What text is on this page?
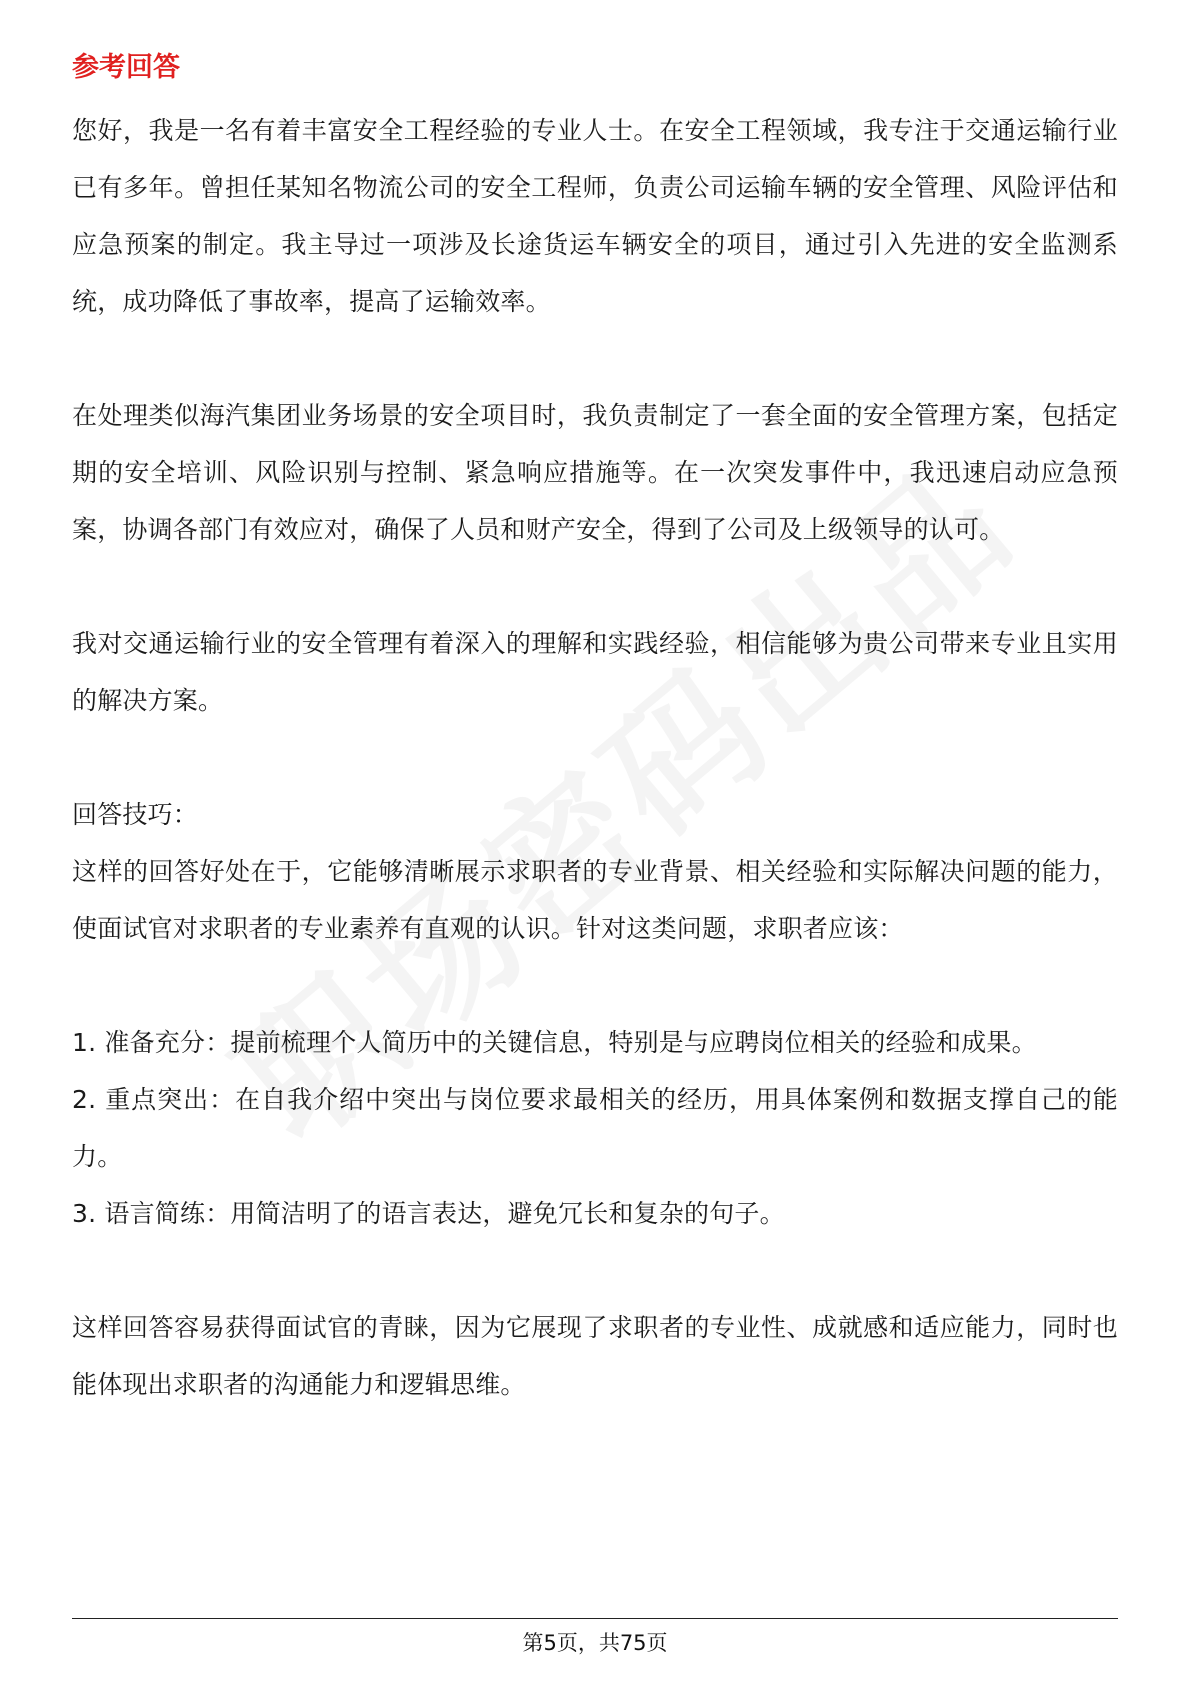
参考回答

您好，我是一名有着丰富安全工程经验的专业人士。在安全工程领域，我专注于交通运输行业已有多年。曾担任某知名物流公司的安全工程师，负责公司运输车辆的安全管理、风险评估和应急预案的制定。我主导过一项涉及长途货运车辆安全的项目，通过引入先进的安全监测系统，成功降低了事故率，提高了运输效率。

在处理类似海汽集团业务场景的安全项目时，我负责制定了一套全面的安全管理方案，包括定期的安全培训、风险识别与控制、紧急响应措施等。在一次突发事件中，我迅速启动应急预案，协调各部门有效应对，确保了人员和财产安全，得到了公司及上级领导的认可。

我对交通运输行业的安全管理有着深入的理解和实践经验，相信能够为贵公司带来专业且实用的解决方案。

回答技巧：

这样的回答好处在于，它能够清晰展示求职者的专业背景、相关经验和实际解决问题的能力，使面试官对求职者的专业素养有直观的认识。针对这类问题，求职者应该：

1. 准备充分：提前梳理个人简历中的关键信息，特别是与应聘岗位相关的经验和成果。

2. 重点突出：在自我介绍中突出与岗位要求最相关的经历，用具体案例和数据支撑自己的能力。

3. 语言简练：用简洁明了的语言表达，避免冗长和复杂的句子。

这样回答容易获得面试官的青睐，因为它展现了求职者的专业性、成就感和适应能力，同时也能体现出求职者的沟通能力和逻辑思维。

第5页，共75页
